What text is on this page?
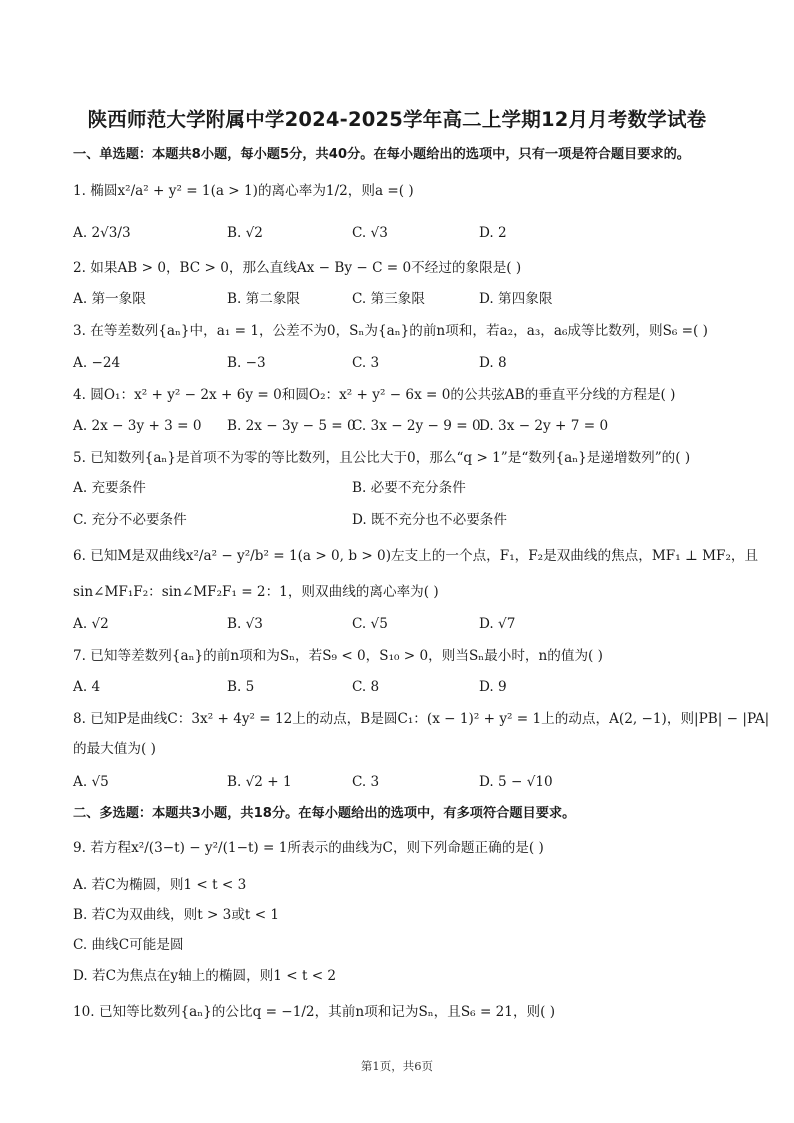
陕西师范大学附属中学2024-2025学年高二上学期12月月考数学试卷
一、单选题：本题共8小题，每小题5分，共40分。在每小题给出的选项中，只有一项是符合题目要求的。
1. 椭圆x²/a² + y² = 1(a > 1)的离心率为1/2，则a =( )
A. 2√3/3	B. √2	C. √3	D. 2
2. 如果AB > 0，BC > 0，那么直线Ax − By − C = 0不经过的象限是( )
A. 第一象限	B. 第二象限	C. 第三象限	D. 第四象限
3. 在等差数列{aₙ}中，a₁ = 1，公差不为0，Sₙ为{aₙ}的前n项和，若a₂，a₃，a₆成等比数列，则S₆ =( )
A. −24	B. −3	C. 3	D. 8
4. 圆O₁：x² + y² − 2x + 6y = 0和圆O₂：x² + y² − 6x = 0的公共弦AB的垂直平分线的方程是( )
A. 2x − 3y + 3 = 0 B. 2x − 3y − 5 = 0
C. 3x − 2y − 9 = 0
D. 3x − 2y + 7 = 0
5. 已知数列{aₙ}是首项不为零的等比数列，且公比大于0，那么“q > 1”是“数列{aₙ}是递增数列”的( )
A. 充要条件	B. 必要不充分条件
C. 充分不必要条件	D. 既不充分也不必要条件
6. 已知M是双曲线x²/a² − y²/b² = 1(a > 0, b > 0)左支上的一个点，F₁，F₂是双曲线的焦点，MF₁ ⊥ MF₂，且
sin∠MF₁F₂：sin∠MF₂F₁ = 2：1，则双曲线的离心率为( )
A. √2	B. √3	C. √5	D. √7
7. 已知等差数列{aₙ}的前n项和为Sₙ，若S₉ < 0，S₁₀ > 0，则当Sₙ最小时，n的值为( )
A. 4	B. 5	C. 8	D. 9
8. 已知P是曲线C：3x² + 4y² = 12上的动点，B是圆C₁：(x − 1)² + y² = 1上的动点，A(2, −1)，则|PB| − |PA|
的最大值为( )
A. √5	B. √2 + 1	C. 3	D. 5 − √10
二、多选题：本题共3小题，共18分。在每小题给出的选项中，有多项符合题目要求。
9. 若方程x²/(3−t) − y²/(1−t) = 1所表示的曲线为C，则下列命题正确的是( )
A. 若C为椭圆，则1 < t < 3
B. 若C为双曲线，则t > 3或t < 1
C. 曲线C可能是圆
D. 若C为焦点在y轴上的椭圆，则1 < t < 2
10. 已知等比数列{aₙ}的公比q = −1/2，其前n项和记为Sₙ，且S₆ = 21，则( )
第1页，共6页
